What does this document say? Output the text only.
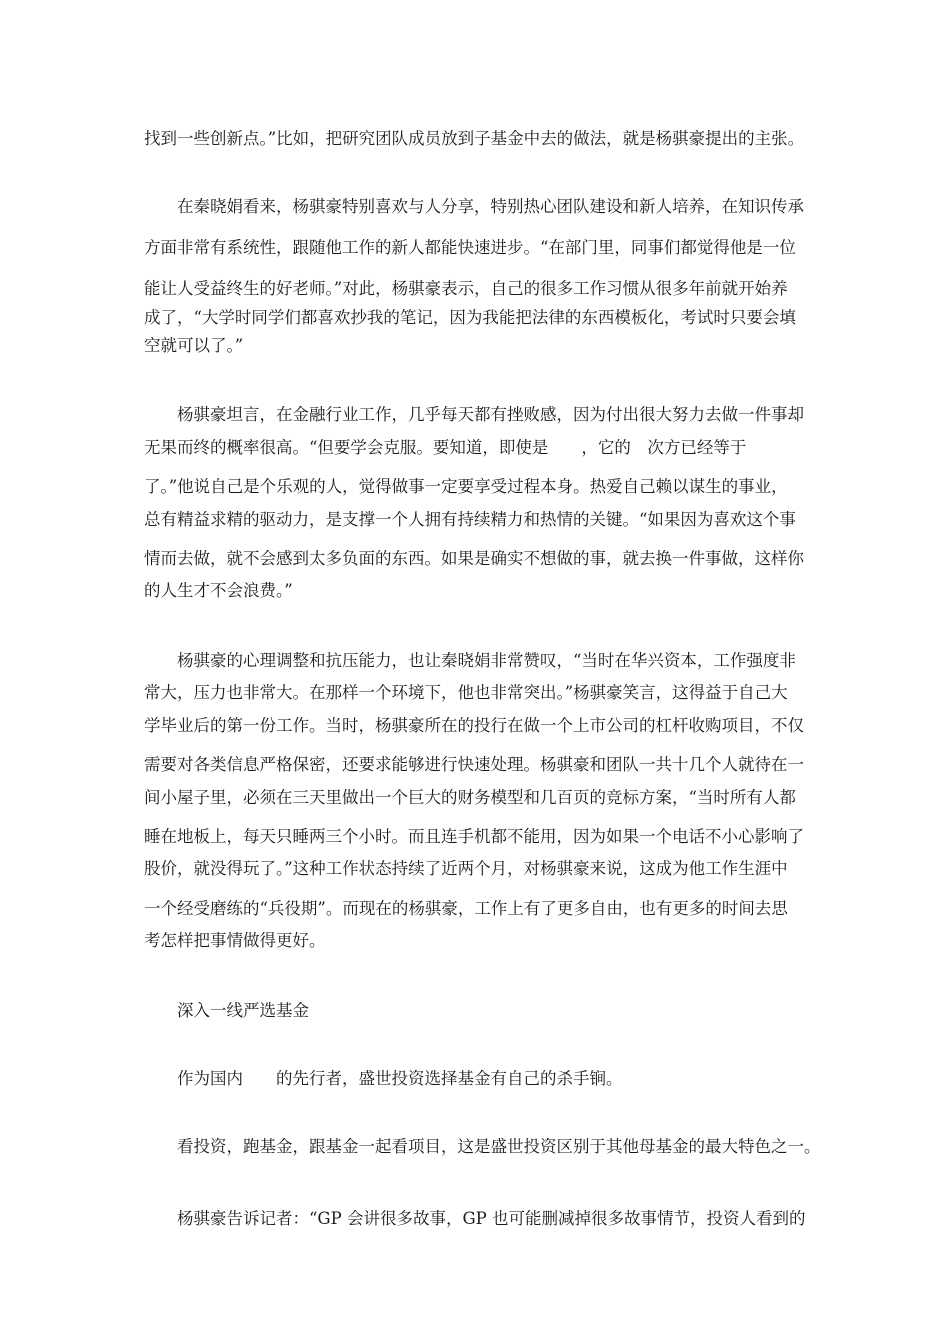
找到一些创新点。”比如，把研究团队成员放到子基金中去的做法，就是杨骐豪提出的主张。
在秦晓娟看来，杨骐豪特别喜欢与人分享，特别热心团队建设和新人培养，在知识传承
方面非常有系统性，跟随他工作的新人都能快速进步。“在部门里，同事们都觉得他是一位
能让人受益终生的好老师。”对此，杨骐豪表示，自己的很多工作习惯从很多年前就开始养
成了，“大学时同学们都喜欢抄我的笔记，因为我能把法律的东西模板化，考试时只要会填
空就可以了。”
杨骐豪坦言，在金融行业工作，几乎每天都有挫败感，因为付出很大努力去做一件事却
无果而终的概率很高。“但要学会克服。要知道，即使是　　，它的　次方已经等于
了。”他说自己是个乐观的人，觉得做事一定要享受过程本身。热爱自己赖以谋生的事业，
总有精益求精的驱动力，是支撑一个人拥有持续精力和热情的关键。“如果因为喜欢这个事
情而去做，就不会感到太多负面的东西。如果是确实不想做的事，就去换一件事做，这样你
的人生才不会浪费。”
杨骐豪的心理调整和抗压能力，也让秦晓娟非常赞叹，“当时在华兴资本，工作强度非
常大，压力也非常大。在那样一个环境下，他也非常突出。”杨骐豪笑言，这得益于自己大
学毕业后的第一份工作。当时，杨骐豪所在的投行在做一个上市公司的杠杆收购项目，不仅
需要对各类信息严格保密，还要求能够进行快速处理。杨骐豪和团队一共十几个人就待在一
间小屋子里，必须在三天里做出一个巨大的财务模型和几百页的竞标方案，“当时所有人都
睡在地板上，每天只睡两三个小时。而且连手机都不能用，因为如果一个电话不小心影响了
股价，就没得玩了。”这种工作状态持续了近两个月，对杨骐豪来说，这成为他工作生涯中
一个经受磨练的“兵役期”。而现在的杨骐豪，工作上有了更多自由，也有更多的时间去思
考怎样把事情做得更好。
深入一线严选基金
作为国内　　的先行者，盛世投资选择基金有自己的杀手锏。
看投资，跑基金，跟基金一起看项目，这是盛世投资区别于其他母基金的最大特色之一。
杨骐豪告诉记者：“GP 会讲很多故事，GP 也可能删减掉很多故事情节，投资人看到的
